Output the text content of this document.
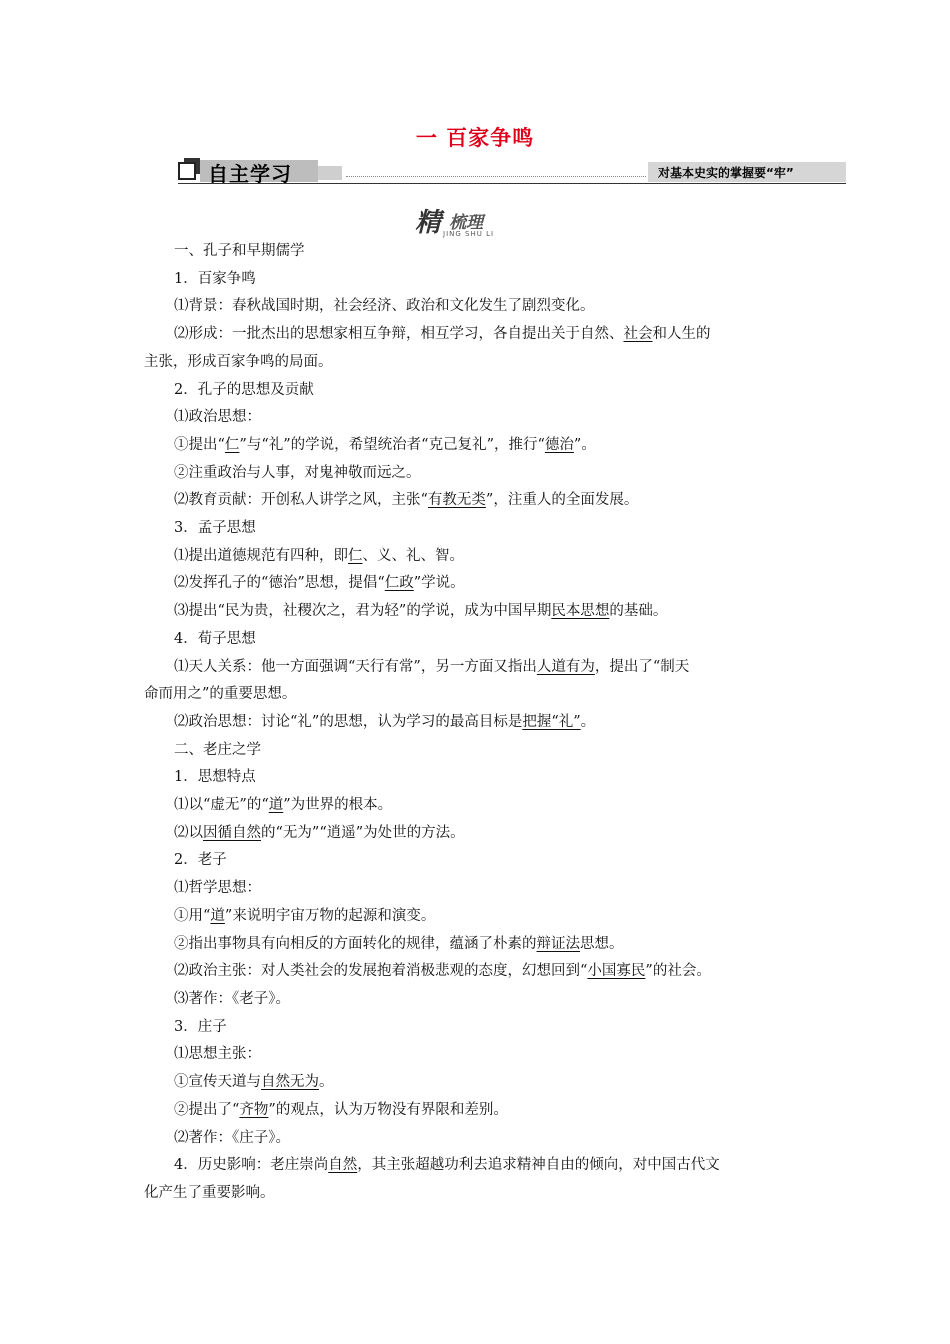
一 百家争鸣
自主学习	对基本史实的掌握要“牢”
精 梳理
JING SHU LI

一、孔子和早期儒学

1．百家争鸣

⑴背景：春秋战国时期，社会经济、政治和文化发生了剧烈变化。

⑵形成：一批杰出的思想家相互争辩，相互学习，各自提出关于自然、社会和人生的

主张，形成百家争鸣的局面。

2．孔子的思想及贡献

⑴政治思想：

①提出“仁”与“礼”的学说，希望统治者“克己复礼”，推行“德治”。

②注重政治与人事，对鬼神敬而远之。

⑵教育贡献：开创私人讲学之风，主张“有教无类”，注重人的全面发展。

3．孟子思想

⑴提出道德规范有四种，即仁、义、礼、智。

⑵发挥孔子的“德治”思想，提倡“仁政”学说。

⑶提出“民为贵，社稷次之，君为轻”的学说，成为中国早期民本思想的基础。

4．荀子思想

⑴天人关系：他一方面强调“天行有常”，另一方面又指出人道有为，提出了“制天

命而用之”的重要思想。

⑵政治思想：讨论“礼”的思想，认为学习的最高目标是把握“礼”。

二、老庄之学

1．思想特点

⑴以“虚无”的“道”为世界的根本。

⑵以因循自然的“无为”“逍遥”为处世的方法。

2．老子

⑴哲学思想：

①用“道”来说明宇宙万物的起源和演变。

②指出事物具有向相反的方面转化的规律，蕴涵了朴素的辩证法思想。

⑵政治主张：对人类社会的发展抱着消极悲观的态度，幻想回到“小国寡民”的社会。

⑶著作：《老子》。

3．庄子

⑴思想主张：

①宣传天道与自然无为。

②提出了“齐物”的观点，认为万物没有界限和差别。

⑵著作：《庄子》。

4．历史影响：老庄崇尚自然，其主张超越功利去追求精神自由的倾向，对中国古代文

化产生了重要影响。
